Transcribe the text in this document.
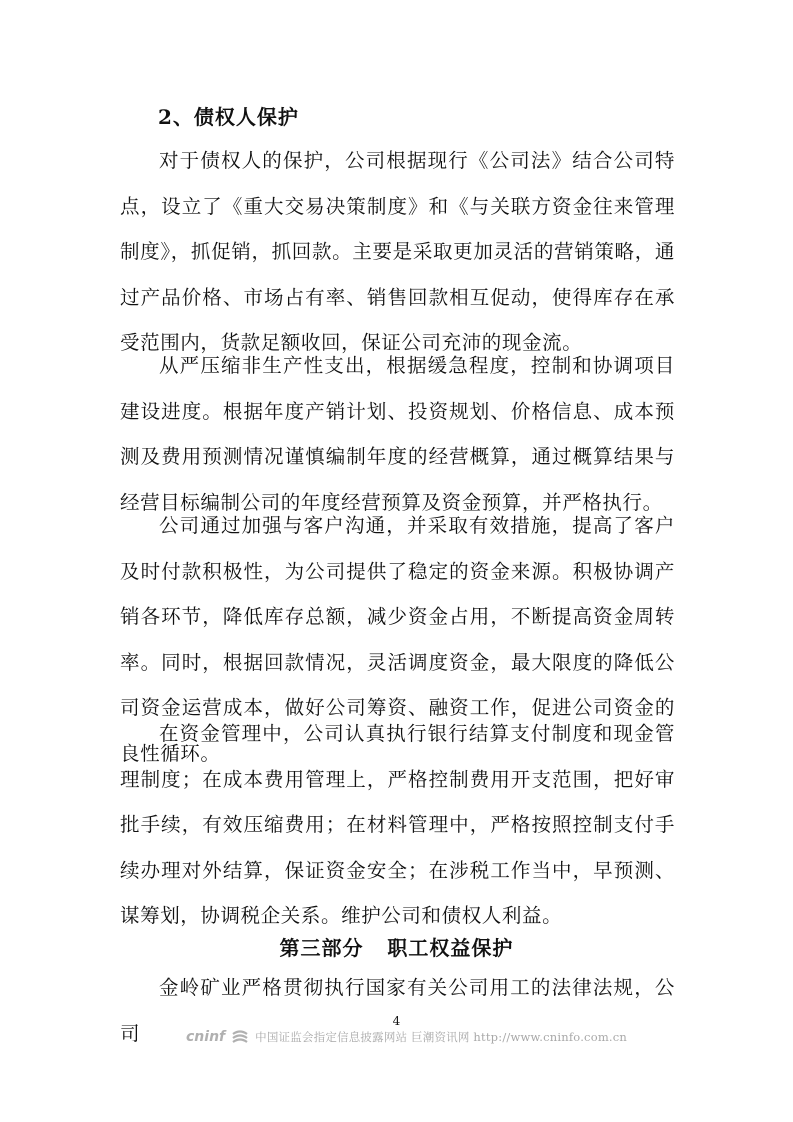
2、债权人保护

对于债权人的保护，公司根据现行《公司法》结合公司特点，设立了《重大交易决策制度》和《与关联方资金往来管理制度》，抓促销，抓回款。主要是采取更加灵活的营销策略，通过产品价格、市场占有率、销售回款相互促动，使得库存在承受范围内，货款足额收回，保证公司充沛的现金流。

从严压缩非生产性支出，根据缓急程度，控制和协调项目建设进度。根据年度产销计划、投资规划、价格信息、成本预测及费用预测情况谨慎编制年度的经营概算，通过概算结果与经营目标编制公司的年度经营预算及资金预算，并严格执行。

公司通过加强与客户沟通，并采取有效措施，提高了客户及时付款积极性，为公司提供了稳定的资金来源。积极协调产销各环节，降低库存总额，减少资金占用，不断提高资金周转率。同时，根据回款情况，灵活调度资金，最大限度的降低公司资金运营成本，做好公司筹资、融资工作，促进公司资金的良性循环。

在资金管理中，公司认真执行银行结算支付制度和现金管理制度；在成本费用管理上，严格控制费用开支范围，把好审批手续，有效压缩费用；在材料管理中，严格按照控制支付手续办理对外结算，保证资金安全；在涉税工作当中，早预测、谋筹划，协调税企关系。维护公司和债权人利益。

第三部分   职工权益保护

金岭矿业严格贯彻执行国家有关公司用工的法律法规，公司

4
cninf	中国证监会指定信息披露网站 巨潮资讯网 http://www.cninfo.com.cn
